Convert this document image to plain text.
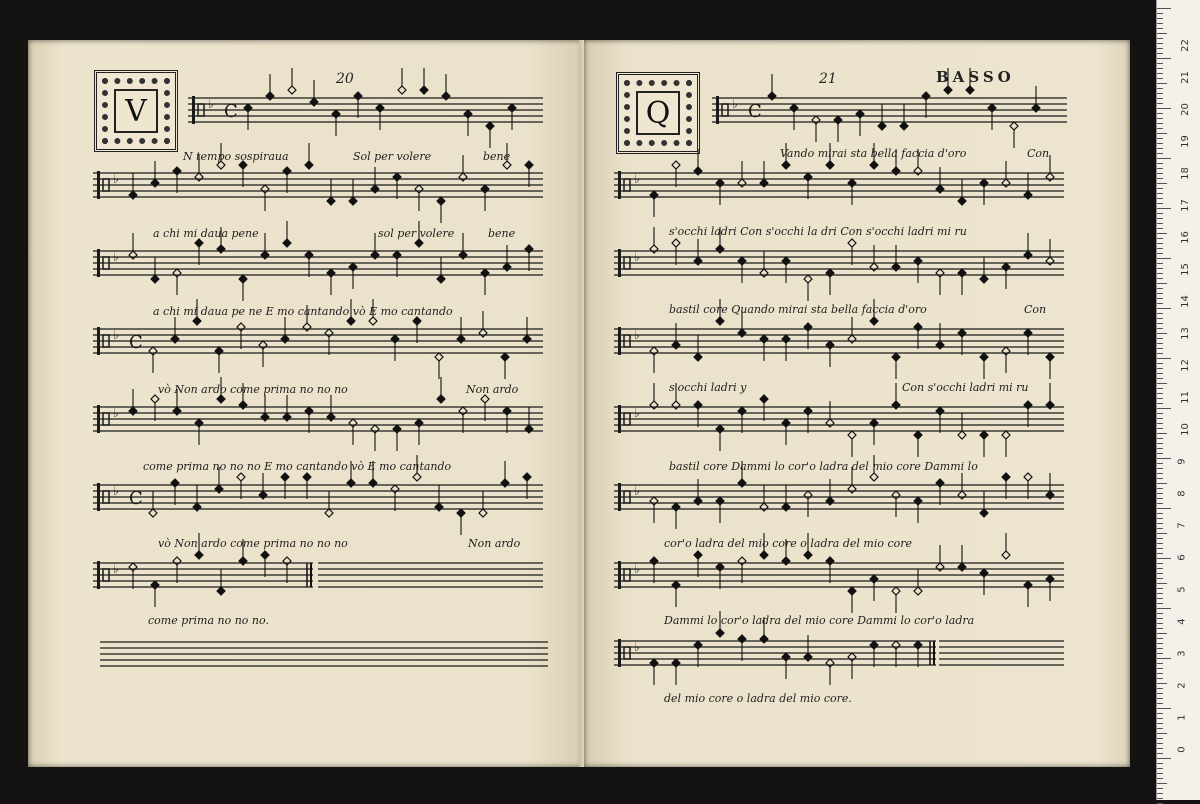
20
V	♭ C
♭
♭
♭ C
♭
♭ C
♭
N tempo sospiraua	Sol per volere	bene
a chi mi daua pene	sol per volere	bene
a chi mi daua pe ne E mo cantando vò E mo cantando
vò Non ardo come prima no no no	Non ardo
come prima no no no E mo cantando vò E mo cantando
vò Non ardo come prima no no no	Non ardo
come prima no no no.
21	BASSO
Q	♭ C
♭
♭
♭
♭
♭
♭
♭
Vando mirai sta bella faccia d'oro	Con
s'occhi ladri Con s'occhi la dri Con s'occhi ladri mi ru
bastil core Quando mirai sta bella faccia d'oro	Con
s'occhi ladri y	Con s'occhi ladri mi ru
bastil core Dammi lo cor'o ladra del mio core Dammi lo
cor'o ladra del mio core o ladra del mio core
Dammi lo cor'o ladra del mio core Dammi lo cor'o ladra
del mio core o ladra del mio core.
22
21
20
19
18
17
16
15
14
13
12
11
10
9
8
7
6
5
4
3
2
1
0
